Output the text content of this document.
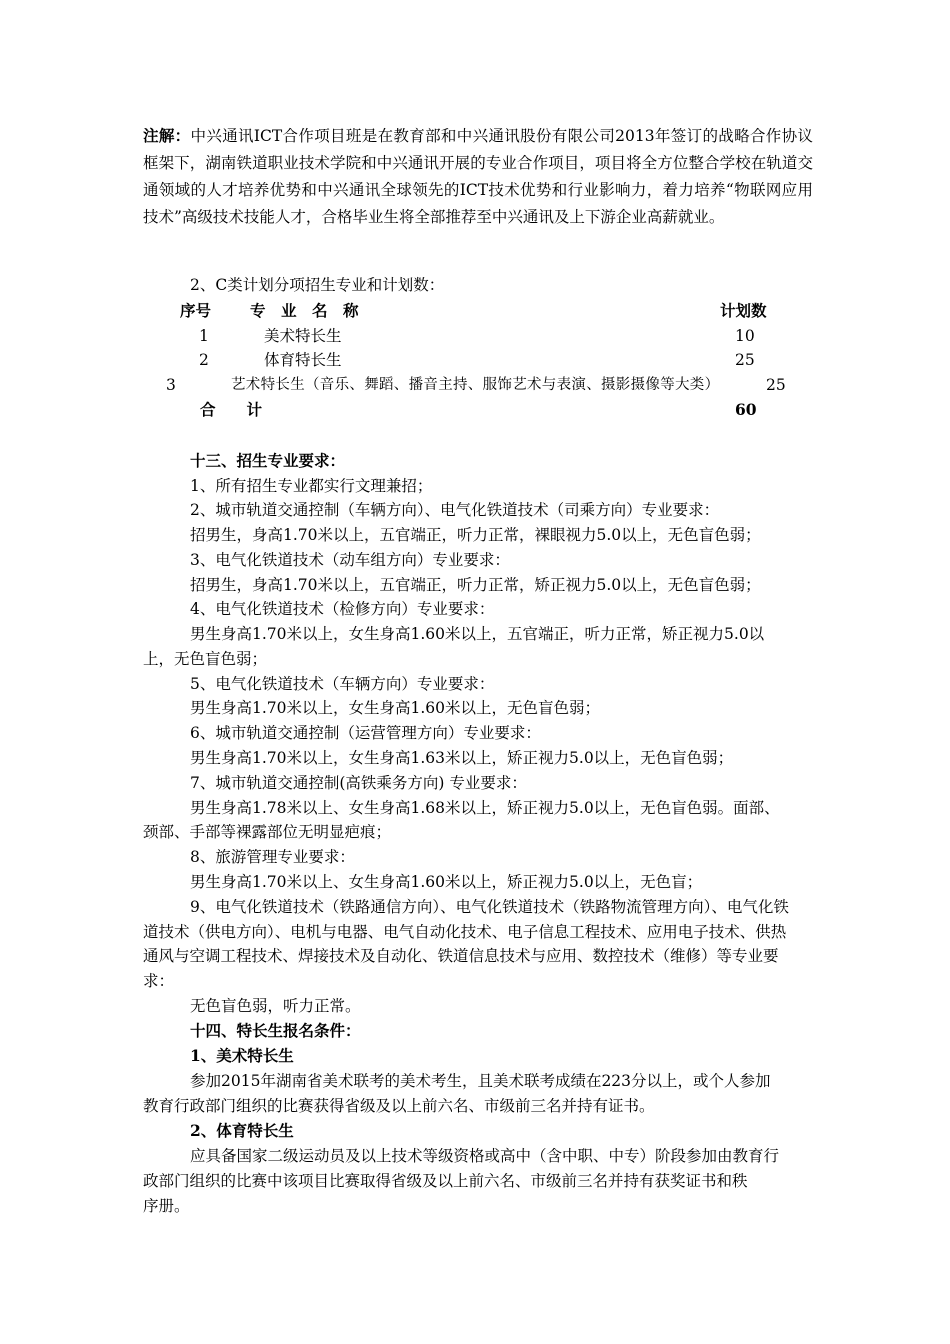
注解：中兴通讯ICT合作项目班是在教育部和中兴通讯股份有限公司2013年签订的战略合作协议框架下，湖南铁道职业技术学院和中兴通讯开展的专业合作项目，项目将全方位整合学校在轨道交通领域的人才培养优势和中兴通讯全球领先的ICT技术优势和行业影响力，着力培养“物联网应用技术”高级技术技能人才，合格毕业生将全部推荐至中兴通讯及上下游企业高薪就业。
2、C类计划分项招生专业和计划数：
序号	专　业　名　称	计划数
1	美术特长生	10
2	体育特长生	25
3	艺术特长生（音乐、舞蹈、播音主持、服饰艺术与表演、摄影摄像等大类）	25
合　　计	60
十三、招生专业要求：
1、所有招生专业都实行文理兼招；
2、城市轨道交通控制（车辆方向）、电气化铁道技术（司乘方向）专业要求：
招男生，身高1.70米以上，五官端正，听力正常，裸眼视力5.0以上，无色盲色弱；
3、电气化铁道技术（动车组方向）专业要求：
招男生，身高1.70米以上，五官端正，听力正常，矫正视力5.0以上，无色盲色弱；
4、电气化铁道技术（检修方向）专业要求：
男生身高1.70米以上，女生身高1.60米以上，五官端正，听力正常，矫正视力5.0以
上，无色盲色弱；
5、电气化铁道技术（车辆方向）专业要求：
男生身高1.70米以上，女生身高1.60米以上，无色盲色弱；
6、城市轨道交通控制（运营管理方向）专业要求：
男生身高1.70米以上，女生身高1.63米以上，矫正视力5.0以上，无色盲色弱；
7、城市轨道交通控制(高铁乘务方向) 专业要求：
男生身高1.78米以上、女生身高1.68米以上，矫正视力5.0以上，无色盲色弱。面部、
颈部、手部等裸露部位无明显疤痕；
8、旅游管理专业要求：
男生身高1.70米以上、女生身高1.60米以上，矫正视力5.0以上，无色盲；
9、电气化铁道技术（铁路通信方向）、电气化铁道技术（铁路物流管理方向）、电气化铁
道技术（供电方向）、电机与电器、电气自动化技术、电子信息工程技术、应用电子技术、供热
通风与空调工程技术、焊接技术及自动化、铁道信息技术与应用、数控技术（维修）等专业要
求：
无色盲色弱，听力正常。
十四、特长生报名条件：
1、美术特长生
参加2015年湖南省美术联考的美术考生，且美术联考成绩在223分以上，或个人参加
教育行政部门组织的比赛获得省级及以上前六名、市级前三名并持有证书。
2、体育特长生
应具备国家二级运动员及以上技术等级资格或高中（含中职、中专）阶段参加由教育行
政部门组织的比赛中该项目比赛取得省级及以上前六名、市级前三名并持有获奖证书和秩
序册。
